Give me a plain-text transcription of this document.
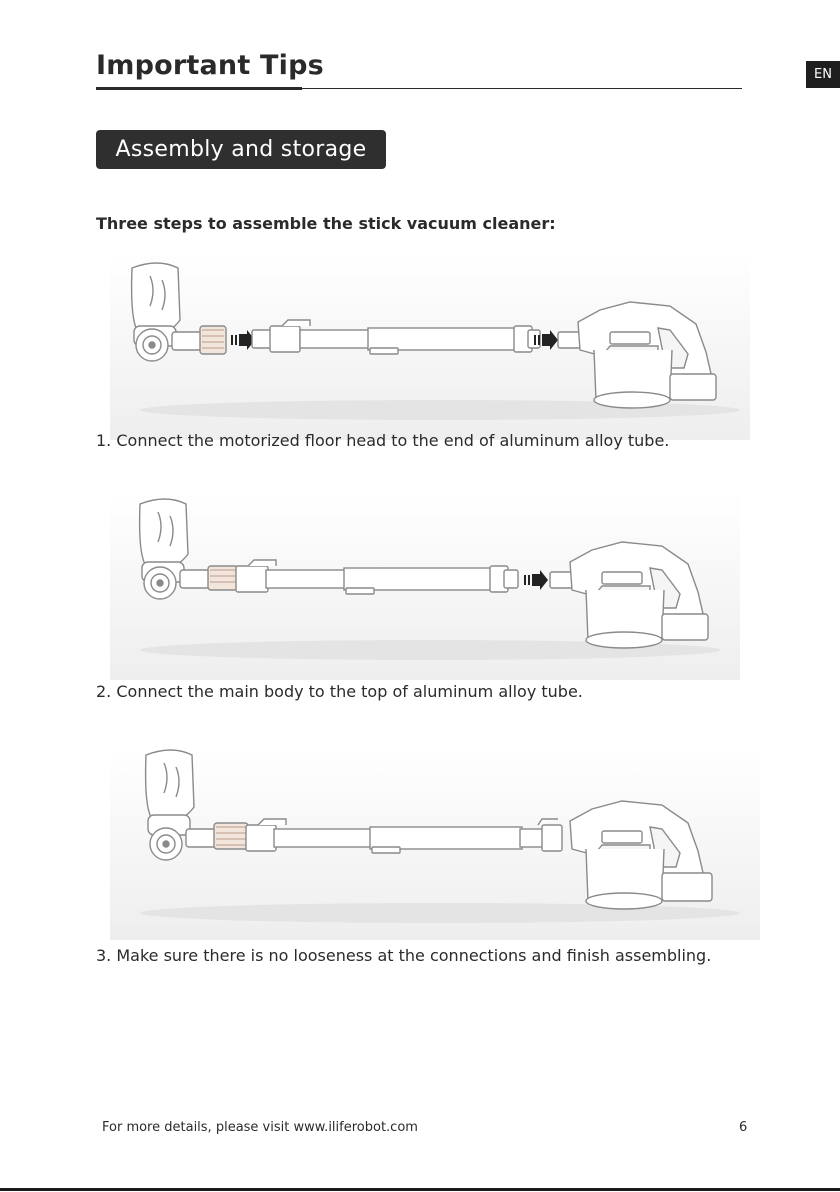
Important Tips	EN
Assembly and storage

Three steps to assemble the stick vacuum cleaner:

1. Connect the motorized floor head to the end of aluminum alloy tube.

2. Connect the main body to the top of aluminum alloy tube.

3. Make sure there is no looseness at the connections and finish assembling.

For more details, please visit www.iliferobot.com	6
